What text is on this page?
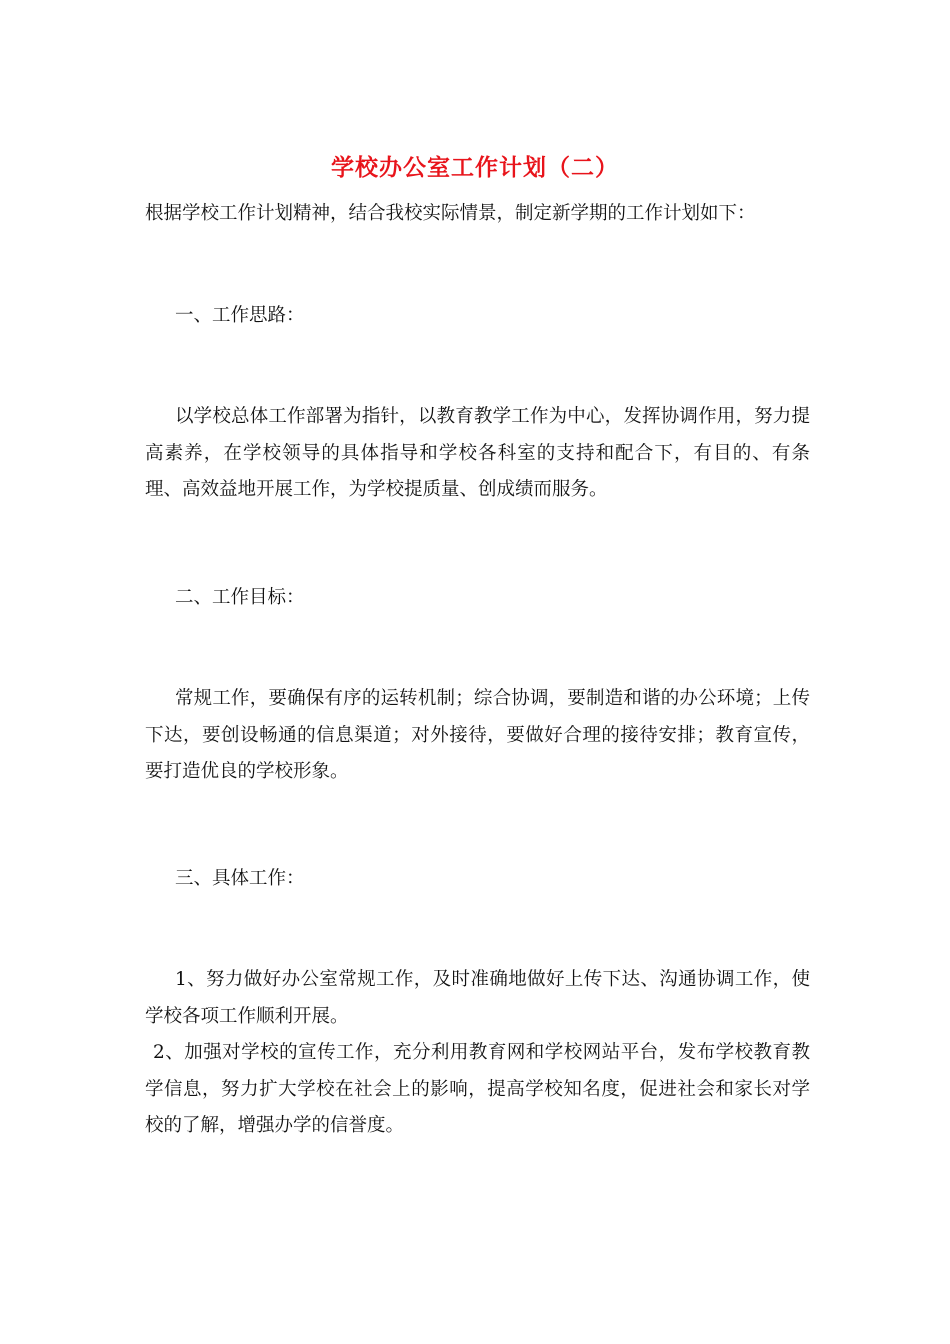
学校办公室工作计划（二）
根据学校工作计划精神，结合我校实际情景，制定新学期的工作计划如下：
一、工作思路：
以学校总体工作部署为指针，以教育教学工作为中心，发挥协调作用，努力提高素养，在学校领导的具体指导和学校各科室的支持和配合下，有目的、有条理、高效益地开展工作，为学校提质量、创成绩而服务。
二、工作目标：
常规工作，要确保有序的运转机制；综合协调，要制造和谐的办公环境；上传下达，要创设畅通的信息渠道；对外接待，要做好合理的接待安排；教育宣传，要打造优良的学校形象。
三、具体工作：
1、努力做好办公室常规工作，及时准确地做好上传下达、沟通协调工作，使学校各项工作顺利开展。
2、加强对学校的宣传工作，充分利用教育网和学校网站平台，发布学校教育教学信息，努力扩大学校在社会上的影响，提高学校知名度，促进社会和家长对学校的了解，增强办学的信誉度。
